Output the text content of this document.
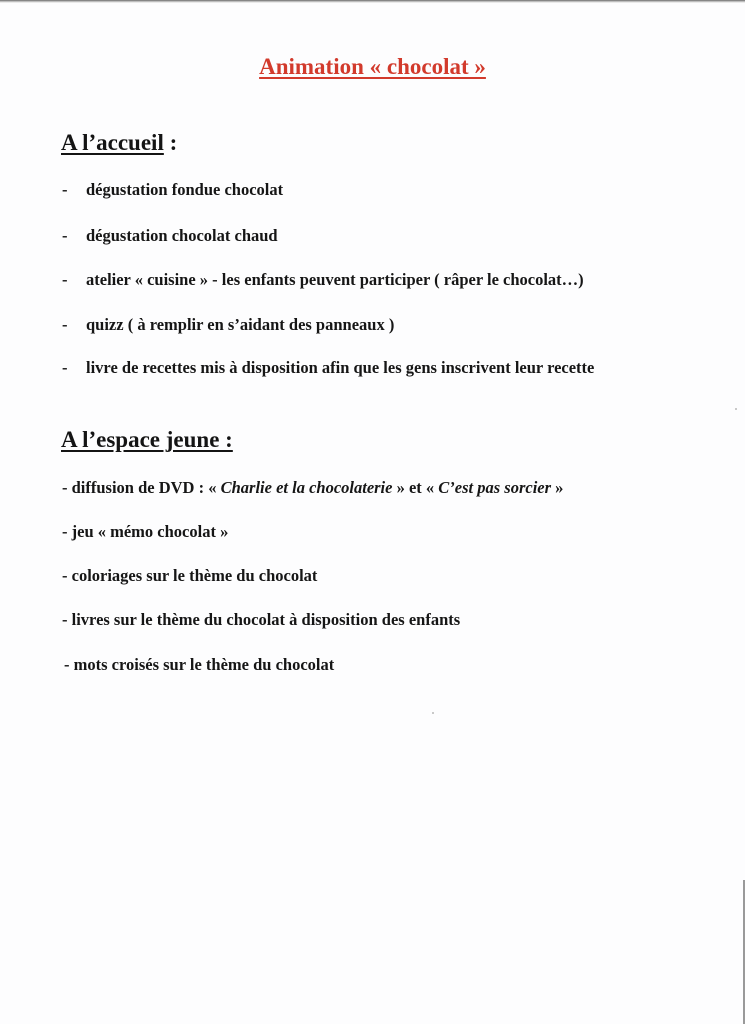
Animation « chocolat »
A l’accueil :
- dégustation fondue chocolat
- dégustation chocolat chaud
- atelier « cuisine » - les enfants peuvent participer ( râper le chocolat…)
- quizz ( à remplir en s’aidant des panneaux )
- livre de recettes mis à disposition afin que les gens inscrivent leur recette
A l’espace jeune :
- diffusion de DVD : « Charlie et la chocolaterie » et « C’est pas sorcier »
- jeu « mémo chocolat »
- coloriages sur le thème du chocolat
- livres sur le thème du chocolat à disposition des enfants
- mots croisés sur le thème du chocolat
